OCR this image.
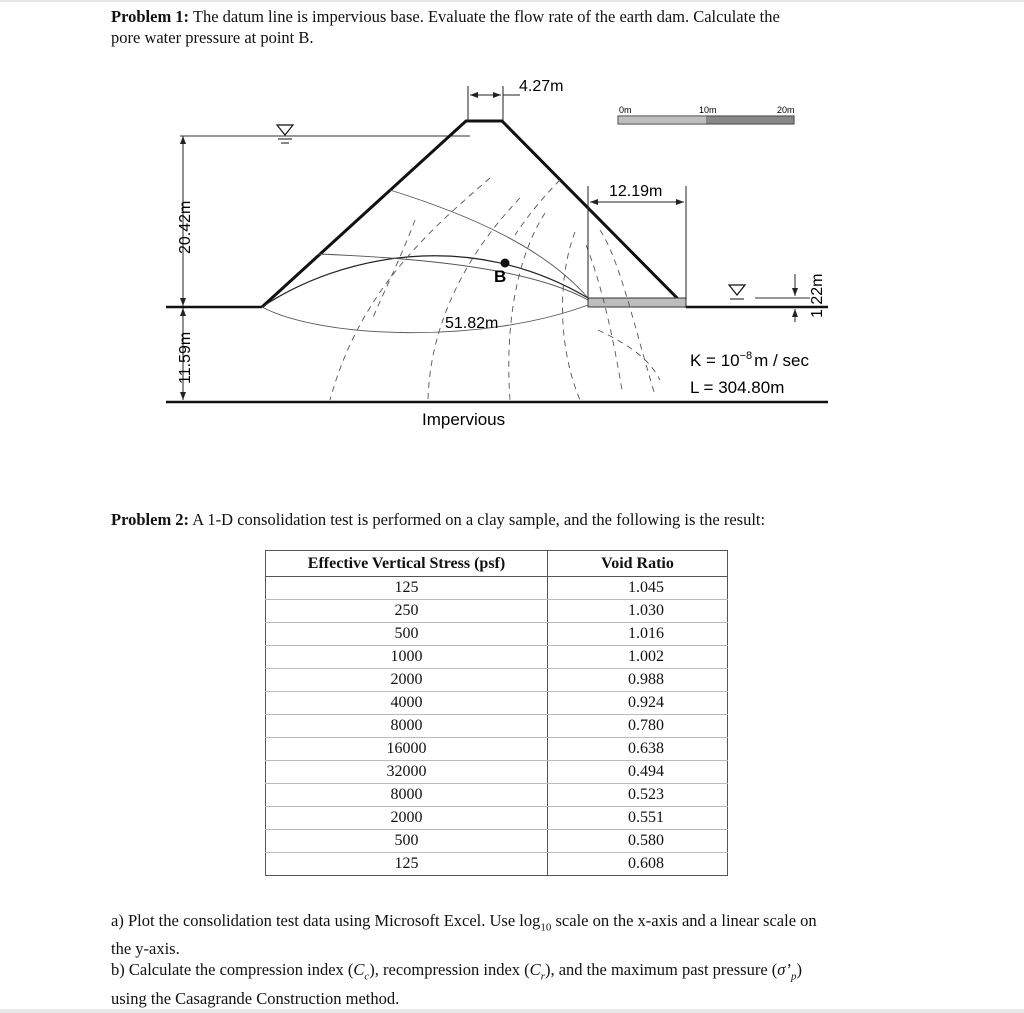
Problem 1: The datum line is impervious base. Evaluate the flow rate of the earth dam. Calculate the
pore water pressure at point B.
0m	10m	20m
4.27m
20.42m
11.59m
B
12.19m
51.82m
1.22m
$K = 10^{-8}$ m / sec
L = 304.80m
Impervious
Problem 2: A 1-D consolidation test is performed on a clay sample, and the following is the result:
Effective Vertical Stress (psf)	Void Ratio
125	1.045
250	1.030
500	1.016
1000	1.002
2000	0.988
4000	0.924
8000	0.780
16000	0.638
32000	0.494
8000	0.523
2000	0.551
500	0.580
125	0.608
a) Plot the consolidation test data using Microsoft Excel. Use $\log_{10}$ scale on the x-axis and a linear scale on
the y-axis.
b) Calculate the compression index $(C_c)$, recompression index $(C_r)$, and the maximum past pressure $(\sigma’_p)$
using the Casagrande Construction method.
